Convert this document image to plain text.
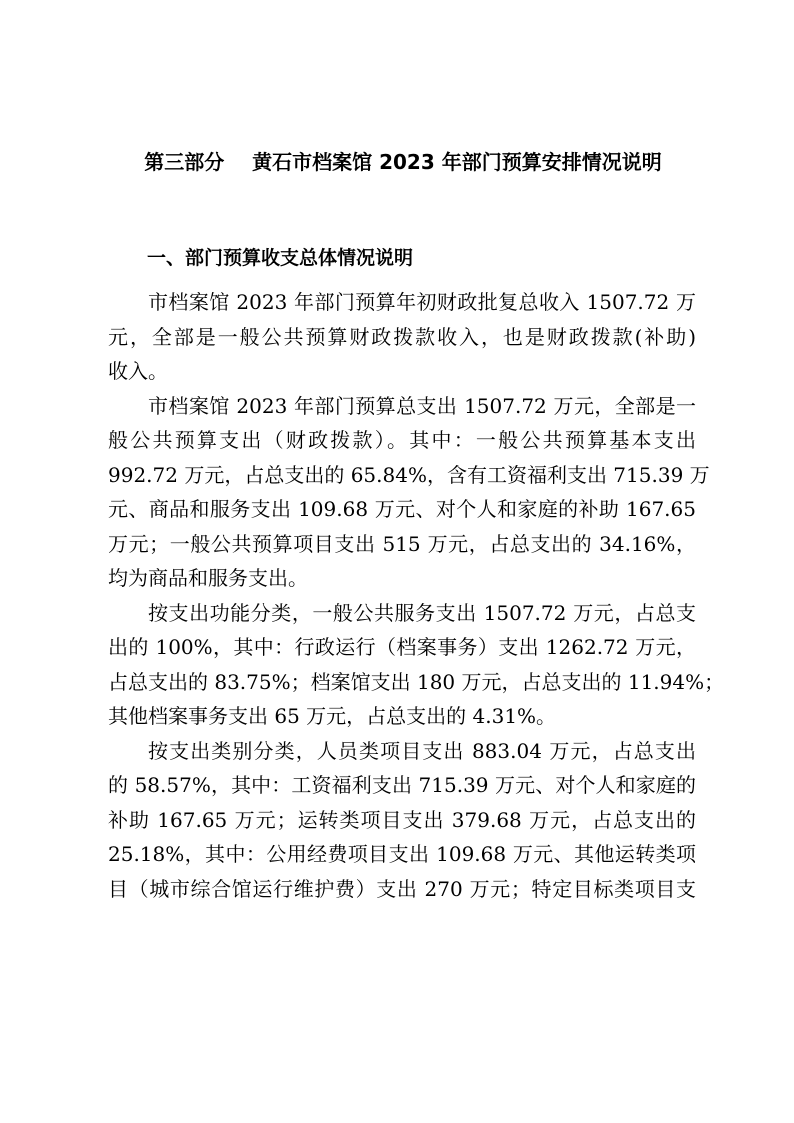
第三部分    黄石市档案馆 2023 年部门预算安排情况说明
一、部门预算收支总体情况说明
市档案馆 2023 年部门预算年初财政批复总收入 1507.72 万
元，全部是一般公共预算财政拨款收入，也是财政拨款(补助)
收入。
市档案馆 2023 年部门预算总支出 1507.72 万元，全部是一
般公共预算支出（财政拨款）。其中：一般公共预算基本支出
992.72 万元，占总支出的 65.84%，含有工资福利支出 715.39 万
元、商品和服务支出 109.68 万元、对个人和家庭的补助 167.65
万元；一般公共预算项目支出 515 万元，占总支出的 34.16%，
均为商品和服务支出。
按支出功能分类，一般公共服务支出 1507.72 万元，占总支
出的 100%，其中：行政运行（档案事务）支出 1262.72 万元，
占总支出的 83.75%；档案馆支出 180 万元，占总支出的 11.94%；
其他档案事务支出 65 万元，占总支出的 4.31%。
按支出类别分类，人员类项目支出 883.04 万元，占总支出
的 58.57%，其中：工资福利支出 715.39 万元、对个人和家庭的
补助 167.65 万元；运转类项目支出 379.68 万元，占总支出的
25.18%，其中：公用经费项目支出 109.68 万元、其他运转类项
目（城市综合馆运行维护费）支出 270 万元；特定目标类项目支
